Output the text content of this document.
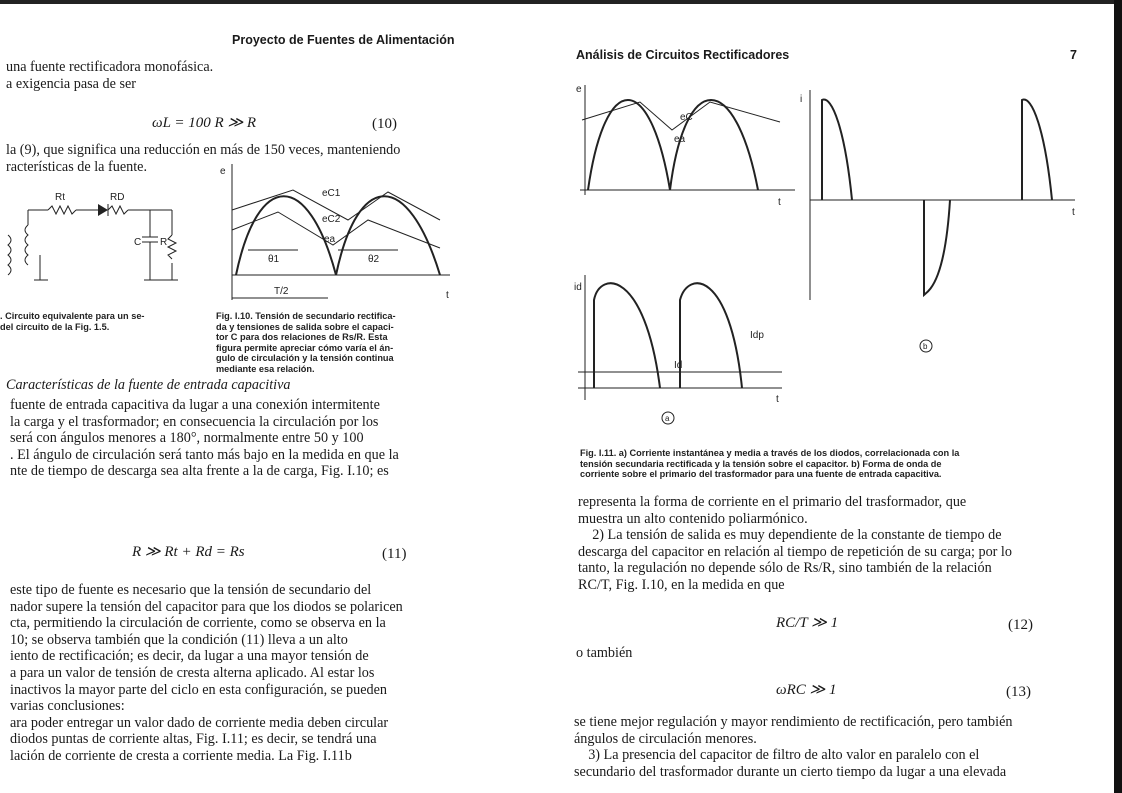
Proyecto de Fuentes de Alimentación
una fuente rectificadora monofásica.
a exigencia pasa de ser
ωL = 100 R ≫ R	(10)
la (9), que significa una reducción en más de 150 veces, manteniendo
racterísticas de la fuente.
Rt	RD
C R
e
eC1
eC2
ea
θ1	θ2
T/2	t
. Circuito equivalente para un se-
del circuito de la Fig. 1.5.
Fig. I.10. Tensión de secundario rectifica-
da y tensiones de salida sobre el capaci-
tor C para dos relaciones de Rs/R. Esta
figura permite apreciar cómo varía el án-
gulo de circulación y la tensión continua
mediante esa relación.
Características de la fuente de entrada capacitiva
fuente de entrada capacitiva da lugar a una conexión intermitente
la carga y el trasformador; en consecuencia la circulación por los
será con ángulos menores a 180°, normalmente entre 50 y 100
. El ángulo de circulación será tanto más bajo en la medida en que la
nte de tiempo de descarga sea alta frente a la de carga, Fig. I.10; es
R ≫ Rt + Rd = Rs	(11)
este tipo de fuente es necesario que la tensión de secundario del
nador supere la tensión del capacitor para que los diodos se polaricen
cta, permitiendo la circulación de corriente, como se observa en la
10; se observa también que la condición (11) lleva a un alto
iento de rectificación; es decir, da lugar a una mayor tensión de
a para un valor de tensión de cresta alterna aplicado. Al estar los
inactivos la mayor parte del ciclo en esta configuración, se pueden
varias conclusiones:
ara poder entregar un valor dado de corriente media deben circular
diodos puntas de corriente altas, Fig. I.11; es decir, se tendrá una
lación de corriente de cresta a corriente media. La Fig. I.11b
Análisis de Circuitos Rectificadores	7
e
eC
ea
t
i
t
id
Idp
Id
t
a
b
Fig. I.11. a) Corriente instantánea y media a través de los diodos, correlacionada con la
tensión secundaria rectificada y la tensión sobre el capacitor. b) Forma de onda de
corriente sobre el primario del trasformador para una fuente de entrada capacitiva.
representa la forma de corriente en el primario del trasformador, que
muestra un alto contenido poliarmónico.
2) La tensión de salida es muy dependiente de la constante de tiempo de
descarga del capacitor en relación al tiempo de repetición de su carga; por lo
tanto, la regulación no depende sólo de Rs/R, sino también de la relación
RC/T, Fig. I.10, en la medida en que
RC/T ≫ 1	(12)
o también
ωRC ≫ 1	(13)
se tiene mejor regulación y mayor rendimiento de rectificación, pero también
ángulos de circulación menores.
3) La presencia del capacitor de filtro de alto valor en paralelo con el
secundario del trasformador durante un cierto tiempo da lugar a una elevada
